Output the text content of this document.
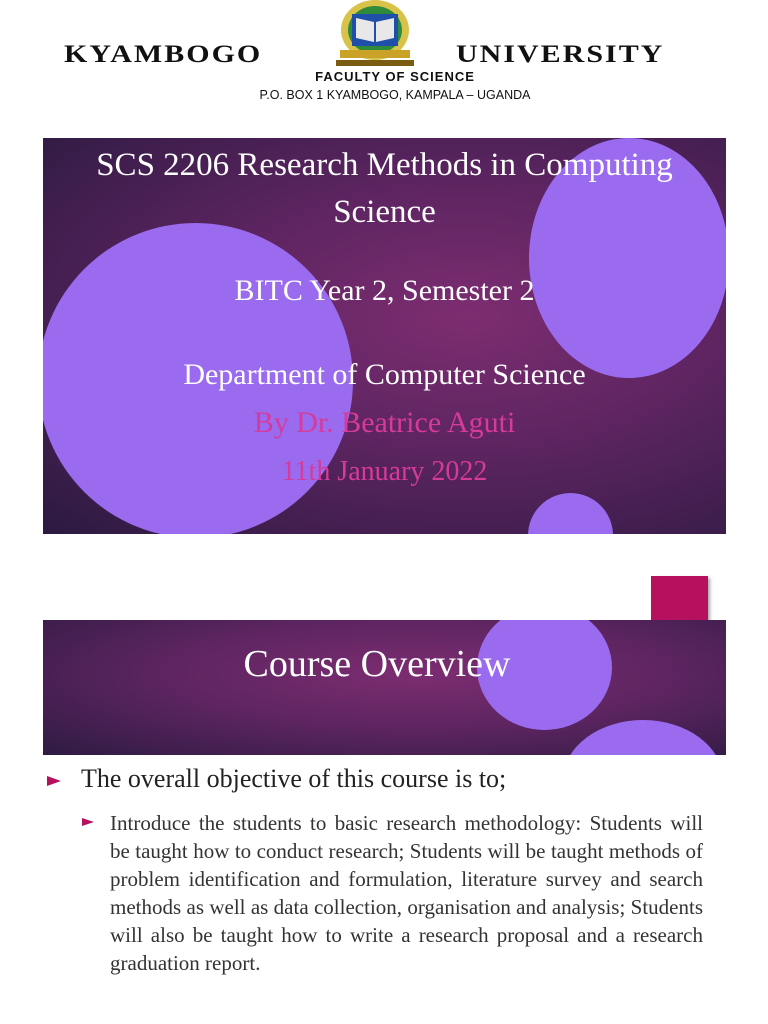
KYAMBOGO	UNIVERSITY
FACULTY OF SCIENCE
P.O. BOX 1 KYAMBOGO, KAMPALA – UGANDA
SCS 2206 Research Methods in Computing Science
BITC Year 2, Semester 2
Department of Computer Science
By Dr. Beatrice Aguti
11th January 2022
Course Overview
The overall objective of this course is to;
Introduce the students to basic research methodology: Students will be taught how to conduct research; Students will be taught methods of problem identification and formulation, literature survey and search methods as well as data collection, organisation and analysis; Students will also be taught how to write a research proposal and a research graduation report.
